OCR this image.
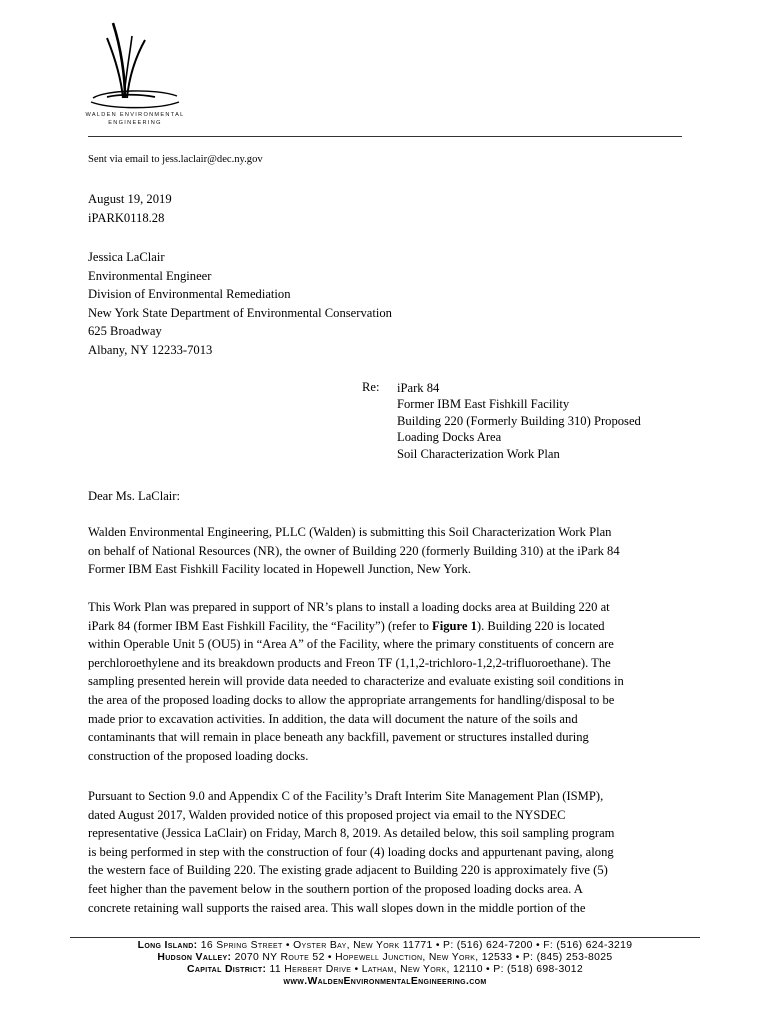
WALDEN ENVIRONMENTAL
ENGINEERING
Sent via email to jess.laclair@dec.ny.gov
August 19, 2019
iPARK0118.28
Jessica LaClair
Environmental Engineer
Division of Environmental Remediation
New York State Department of Environmental Conservation
625 Broadway
Albany, NY 12233-7013
Re: iPark 84
Former IBM East Fishkill Facility
Building 220 (Formerly Building 310) Proposed
Loading Docks Area
Soil Characterization Work Plan
Dear Ms. LaClair:
Walden Environmental Engineering, PLLC (Walden) is submitting this Soil Characterization Work Plan
on behalf of National Resources (NR), the owner of Building 220 (formerly Building 310) at the iPark 84
Former IBM East Fishkill Facility located in Hopewell Junction, New York.
This Work Plan was prepared in support of NR’s plans to install a loading docks area at Building 220 at
iPark 84 (former IBM East Fishkill Facility, the “Facility”) (refer to Figure 1). Building 220 is located
within Operable Unit 5 (OU5) in “Area A” of the Facility, where the primary constituents of concern are
perchloroethylene and its breakdown products and Freon TF (1,1,2-trichloro-1,2,2-trifluoroethane). The
sampling presented herein will provide data needed to characterize and evaluate existing soil conditions in
the area of the proposed loading docks to allow the appropriate arrangements for handling/disposal to be
made prior to excavation activities. In addition, the data will document the nature of the soils and
contaminants that will remain in place beneath any backfill, pavement or structures installed during
construction of the proposed loading docks.
Pursuant to Section 9.0 and Appendix C of the Facility’s Draft Interim Site Management Plan (ISMP),
dated August 2017, Walden provided notice of this proposed project via email to the NYSDEC
representative (Jessica LaClair) on Friday, March 8, 2019. As detailed below, this soil sampling program
is being performed in step with the construction of four (4) loading docks and appurtenant paving, along
the western face of Building 220. The existing grade adjacent to Building 220 is approximately five (5)
feet higher than the pavement below in the southern portion of the proposed loading docks area. A
concrete retaining wall supports the raised area. This wall slopes down in the middle portion of the
Long Island: 16 Spring Street • Oyster Bay, New York 11771 • P: (516) 624-7200 • F: (516) 624-3219
Hudson Valley: 2070 NY Route 52 • Hopewell Junction, New York, 12533 • P: (845) 253-8025
Capital District: 11 Herbert Drive • Latham, New York, 12110 • P: (518) 698-3012
www.WaldenEnvironmentalEngineering.com
